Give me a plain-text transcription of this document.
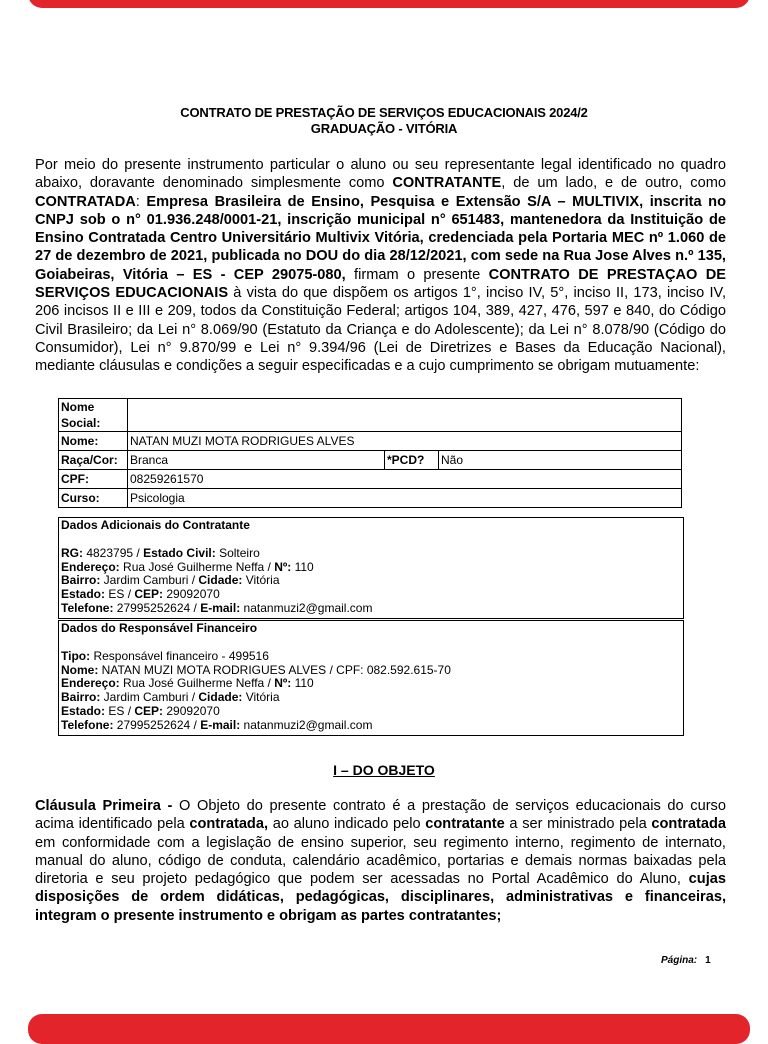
CONTRATO DE PRESTAÇÃO DE SERVIÇOS EDUCACIONAIS 2024/2
GRADUAÇÃO - VITÓRIA
Por meio do presente instrumento particular o aluno ou seu representante legal identificado no quadro abaixo, doravante denominado simplesmente como CONTRATANTE, de um lado, e de outro, como CONTRATADA: Empresa Brasileira de Ensino, Pesquisa e Extensão S/A – MULTIVIX, inscrita no CNPJ sob o n° 01.936.248/0001-21, inscrição municipal n° 651483, mantenedora da Instituição de Ensino Contratada Centro Universitário Multivix Vitória, credenciada pela Portaria MEC nº 1.060 de 27 de dezembro de 2021, publicada no DOU do dia 28/12/2021, com sede na Rua Jose Alves n.º 135, Goiabeiras, Vitória – ES - CEP 29075-080, firmam o presente CONTRATO DE PRESTAÇAO DE SERVIÇOS EDUCACIONAIS à vista do que dispõem os artigos 1°, inciso IV, 5°, inciso II, 173, inciso IV, 206 incisos II e III e 209, todos da Constituição Federal; artigos 104, 389, 427, 476, 597 e 840, do Código Civil Brasileiro; da Lei n° 8.069/90 (Estatuto da Criança e do Adolescente); da Lei n° 8.078/90 (Código do Consumidor), Lei n° 9.870/99 e Lei n° 9.394/96 (Lei de Diretrizes e Bases da Educação Nacional), mediante cláusulas e condições a seguir especificadas e a cujo cumprimento se obrigam mutuamente:
Nome Social:			
Nome:	NATAN MUZI MOTA RODRIGUES ALVES		
Raça/Cor:	Branca	*PCD?	Não
CPF:	08259261570		
Curso:	Psicologia		
Dados Adicionais do Contratante
RG: 4823795 / Estado Civil: Solteiro
Endereço: Rua José Guilherme Neffa / Nº: 110
Bairro: Jardim Camburi / Cidade: Vitória
Estado: ES / CEP: 29092070
Telefone: 27995252624 / E-mail: natanmuzi2@gmail.com
Dados do Responsável Financeiro
Tipo: Responsável financeiro - 499516
Nome: NATAN MUZI MOTA RODRIGUES ALVES / CPF: 082.592.615-70
Endereço: Rua José Guilherme Neffa / Nº: 110
Bairro: Jardim Camburi / Cidade: Vitória
Estado: ES / CEP: 29092070
Telefone: 27995252624 / E-mail: natanmuzi2@gmail.com
I – DO OBJETO
Cláusula Primeira - O Objeto do presente contrato é a prestação de serviços educacionais do curso acima identificado pela contratada, ao aluno indicado pelo contratante a ser ministrado pela contratada em conformidade com a legislação de ensino superior, seu regimento interno, regimento de internato, manual do aluno, código de conduta, calendário acadêmico, portarias e demais normas baixadas pela diretoria e seu projeto pedagógico que podem ser acessadas no Portal Acadêmico do Aluno, cujas disposições de ordem didáticas, pedagógicas, disciplinares, administrativas e financeiras, integram o presente instrumento e obrigam as partes contratantes;
Página: 1
